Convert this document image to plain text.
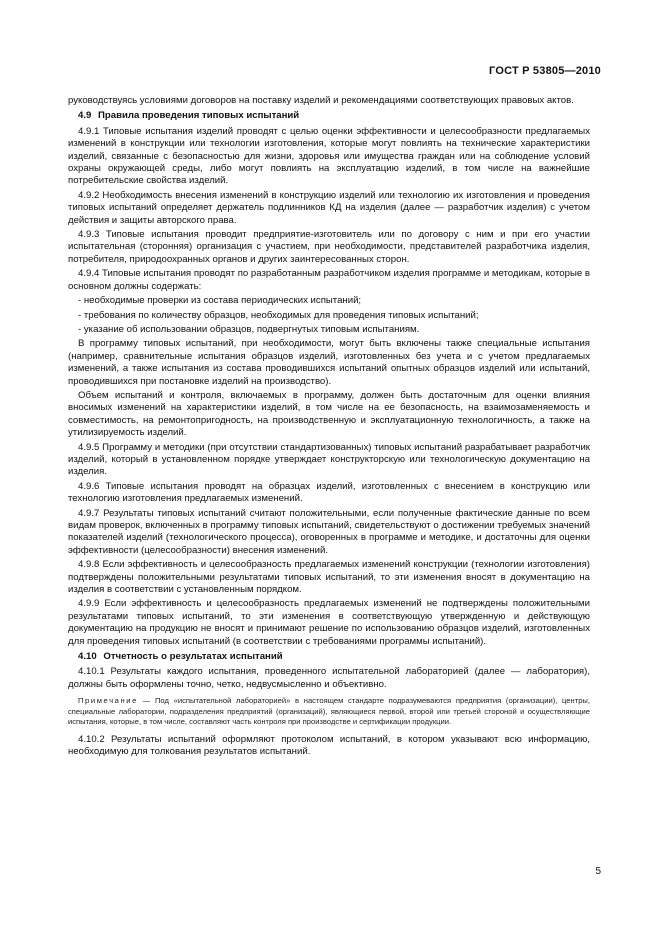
ГОСТ Р 53805—2010

руководствуясь условиями договоров на поставку изделий и рекомендациями соответствующих правовых актов.

4.9 Правила проведения типовых испытаний

4.9.1 Типовые испытания изделий проводят с целью оценки эффективности и целесообразности предлагаемых изменений в конструкции или технологии изготовления, которые могут повлиять на технические характеристики изделий, связанные с безопасностью для жизни, здоровья или имущества граждан или на соблюдение условий охраны окружающей среды, либо могут повлиять на эксплуатацию изделий, в том числе на важнейшие потребительские свойства изделий.

4.9.2 Необходимость внесения изменений в конструкцию изделий или технологию их изготовления и проведения типовых испытаний определяет держатель подлинников КД на изделия (далее — разработчик изделия) с учетом действия и защиты авторского права.

4.9.3 Типовые испытания проводит предприятие-изготовитель или по договору с ним и при его участии испытательная (сторонняя) организация с участием, при необходимости, представителей разработчика изделия, потребителя, природоохранных органов и других заинтересованных сторон.

4.9.4 Типовые испытания проводят по разработанным разработчиком изделия программе и методикам, которые в основном должны содержать:

- необходимые проверки из состава периодических испытаний;

- требования по количеству образцов, необходимых для проведения типовых испытаний;

- указание об использовании образцов, подвергнутых типовым испытаниям.

В программу типовых испытаний, при необходимости, могут быть включены также специальные испытания (например, сравнительные испытания образцов изделий, изготовленных без учета и с учетом предлагаемых изменений, а также испытания из состава проводившихся испытаний опытных образцов изделий или испытаний, проводившихся при постановке изделий на производство).

Объем испытаний и контроля, включаемых в программу, должен быть достаточным для оценки влияния вносимых изменений на характеристики изделий, в том числе на ее безопасность, на взаимозаменяемость и совместимость, на ремонтопригодность, на производственную и эксплуатационную технологичность, а также на утилизируемость изделий.

4.9.5 Программу и методики (при отсутствии стандартизованных) типовых испытаний разрабатывает разработчик изделий, который в установленном порядке утверждает конструкторскую или технологическую документацию на изделия.

4.9.6 Типовые испытания проводят на образцах изделий, изготовленных с внесением в конструкцию или технологию изготовления предлагаемых изменений.

4.9.7 Результаты типовых испытаний считают положительными, если полученные фактические данные по всем видам проверок, включенных в программу типовых испытаний, свидетельствуют о достижении требуемых значений показателей изделий (технологического процесса), оговоренных в программе и методике, и достаточны для оценки эффективности (целесообразности) внесения изменений.

4.9.8 Если эффективность и целесообразность предлагаемых изменений конструкции (технологии изготовления) подтверждены положительными результатами типовых испытаний, то эти изменения вносят в документацию на изделия в соответствии с установленным порядком.

4.9.9 Если эффективность и целесообразность предлагаемых изменений не подтверждены положительными результатами типовых испытаний, то эти изменения в соответствующую утвержденную и действующую документацию на продукцию не вносят и принимают решение по использованию образцов изделий, изготовленных для проведения типовых испытаний (в соответствии с требованиями программы испытаний).

4.10 Отчетность о результатах испытаний

4.10.1 Результаты каждого испытания, проведенного испытательной лабораторией (далее — лаборатория), должны быть оформлены точно, четко, недвусмысленно и объективно.

Примечание — Под «испытательной лабораторией» в настоящем стандарте подразумеваются предприятия (организации), центры, специальные лаборатории, подразделения предприятий (организаций), являющиеся первой, второй или третьей стороной и осуществляющие испытания, которые, в том числе, составляют часть контроля при производстве и сертификации продукции.

4.10.2 Результаты испытаний оформляют протоколом испытаний, в котором указывают всю информацию, необходимую для толкования результатов испытаний.

5
